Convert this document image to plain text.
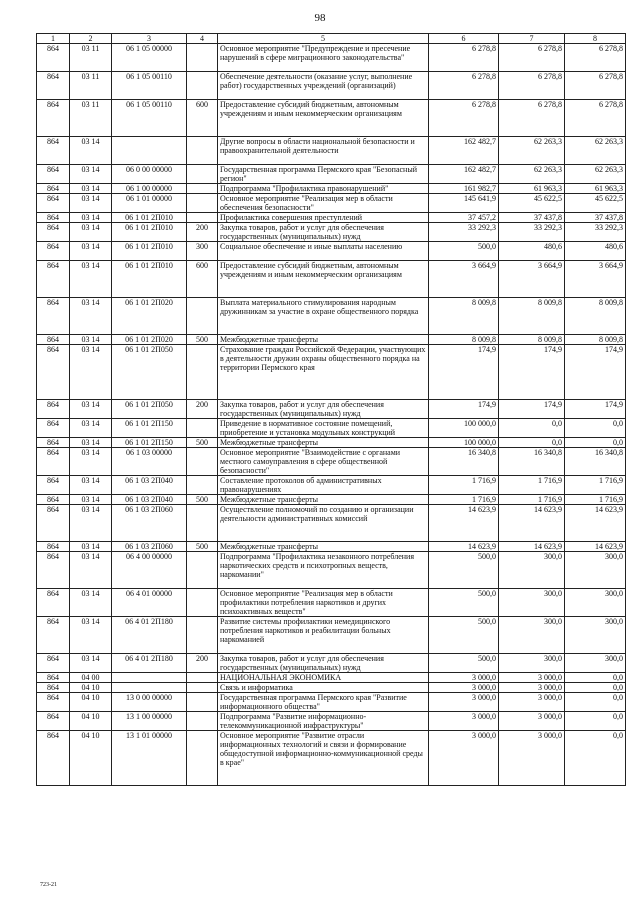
98
1	2	3	4	5	6	7	8
864	03 11	06 1 05 00000		Основное мероприятие "Предупреждение и пресечение нарушений в сфере миграционного законодательства"	6 278,8	6 278,8	6 278,8
864	03 11	06 1 05 00110		Обеспечение деятельности (оказание услуг, выполнение работ) государственных учреждений (организаций)	6 278,8	6 278,8	6 278,8
864	03 11	06 1 05 00110	600	Предоставление субсидий бюджетным, автономным учреждениям и иным некоммерческим организациям	6 278,8	6 278,8	6 278,8
864	03 14			Другие вопросы в области национальной безопасности и правоохранительной деятельности	162 482,7	62 263,3	62 263,3
864	03 14	06 0 00 00000		Государственная программа Пермского края "Безопасный регион"	162 482,7	62 263,3	62 263,3
864	03 14	06 1 00 00000		Подпрограмма "Профилактика правонарушений"	161 982,7	61 963,3	61 963,3
864	03 14	06 1 01 00000		Основное мероприятие "Реализация мер в области обеспечения безопасности"	145 641,9	45 622,5	45 622,5
864	03 14	06 1 01 2П010		Профилактика совершения преступлений	37 457,2	37 437,8	37 437,8
864	03 14	06 1 01 2П010	200	Закупка товаров, работ и услуг для обеспечения государственных (муниципальных) нужд	33 292,3	33 292,3	33 292,3
864	03 14	06 1 01 2П010	300	Социальное обеспечение и иные выплаты населению	500,0	480,6	480,6
864	03 14	06 1 01 2П010	600	Предоставление субсидий бюджетным, автономным учреждениям и иным некоммерческим организациям	3 664,9	3 664,9	3 664,9
864	03 14	06 1 01 2П020		Выплата материального стимулирования народным дружинникам за участие в охране общественного порядка	8 009,8	8 009,8	8 009,8
864	03 14	06 1 01 2П020	500	Межбюджетные трансферты	8 009,8	8 009,8	8 009,8
864	03 14	06 1 01 2П050		Страхование граждан Российской Федерации, участвующих в деятельности дружин охраны общественного порядка на территории Пермского края	174,9	174,9	174,9
864	03 14	06 1 01 2П050	200	Закупка товаров, работ и услуг для обеспечения государственных (муниципальных) нужд	174,9	174,9	174,9
864	03 14	06 1 01 2П150		Приведение в нормативное состояние помещений, приобретение и установка модульных конструкций	100 000,0	0,0	0,0
864	03 14	06 1 01 2П150	500	Межбюджетные трансферты	100 000,0	0,0	0,0
864	03 14	06 1 03 00000		Основное мероприятие "Взаимодействие с органами местного самоуправления в сфере общественной безопасности"	16 340,8	16 340,8	16 340,8
864	03 14	06 1 03 2П040		Составление протоколов об административных правонарушениях	1 716,9	1 716,9	1 716,9
864	03 14	06 1 03 2П040	500	Межбюджетные трансферты	1 716,9	1 716,9	1 716,9
864	03 14	06 1 03 2П060		Осуществление полномочий по созданию и организации деятельности административных комиссий	14 623,9	14 623,9	14 623,9
864	03 14	06 1 03 2П060	500	Межбюджетные трансферты	14 623,9	14 623,9	14 623,9
864	03 14	06 4 00 00000		Подпрограмма "Профилактика незаконного потребления наркотических средств и психотропных веществ, наркомании"	500,0	300,0	300,0
864	03 14	06 4 01 00000		Основное мероприятие "Реализация мер в области профилактики потребления наркотиков и других психоактивных веществ"	500,0	300,0	300,0
864	03 14	06 4 01 2П180		Развитие системы профилактики немедицинского потребления наркотиков и реабилитации больных наркоманией	500,0	300,0	300,0
864	03 14	06 4 01 2П180	200	Закупка товаров, работ и услуг для обеспечения государственных (муниципальных) нужд	500,0	300,0	300,0
864	04 00			НАЦИОНАЛЬНАЯ ЭКОНОМИКА	3 000,0	3 000,0	0,0
864	04 10			Связь и информатика	3 000,0	3 000,0	0,0
864	04 10	13 0 00 00000		Государственная программа Пермского края "Развитие информационного общества"	3 000,0	3 000,0	0,0
864	04 10	13 1 00 00000		Подпрограмма "Развитие информационно-телекоммуникационной инфраструктуры"	3 000,0	3 000,0	0,0
864	04 10	13 1 01 00000		Основное мероприятие "Развитие отрасли информационных технологий и связи и формирование общедоступной информационно-коммуникационной среды в крае"	3 000,0	3 000,0	0,0
723-21
